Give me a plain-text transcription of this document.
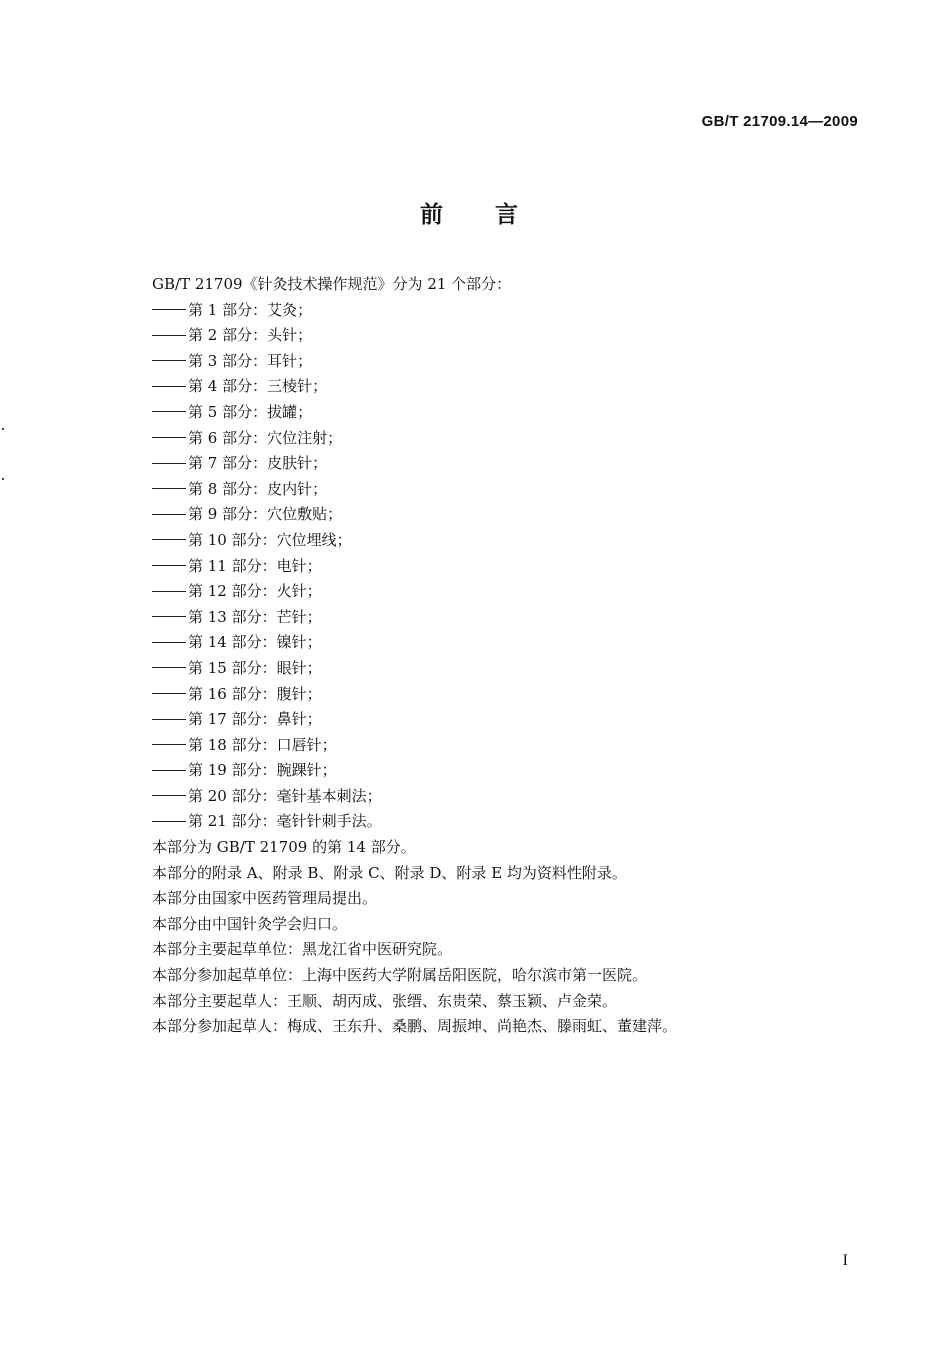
GB/T 21709.14—2009
前言
GB/T 21709《针灸技术操作规范》分为 21 个部分：
第 1 部分：艾灸；
第 2 部分：头针；
第 3 部分：耳针；
第 4 部分：三棱针；
第 5 部分：拔罐；
第 6 部分：穴位注射；
第 7 部分：皮肤针；
第 8 部分：皮内针；
第 9 部分：穴位敷贴；
第 10 部分：穴位埋线；
第 11 部分：电针；
第 12 部分：火针；
第 13 部分：芒针；
第 14 部分：镍针；
第 15 部分：眼针；
第 16 部分：腹针；
第 17 部分：鼻针；
第 18 部分：口唇针；
第 19 部分：腕踝针；
第 20 部分：毫针基本刺法；
第 21 部分：毫针针刺手法。
本部分为 GB/T 21709 的第 14 部分。
本部分的附录 A、附录 B、附录 C、附录 D、附录 E 均为资料性附录。
本部分由国家中医药管理局提出。
本部分由中国针灸学会归口。
本部分主要起草单位：黑龙江省中医研究院。
本部分参加起草单位：上海中医药大学附属岳阳医院，哈尔滨市第一医院。
本部分主要起草人：王顺、胡丙成、张缙、东贵荣、蔡玉颖、卢金荣。
本部分参加起草人：梅成、王东升、桑鹏、周振坤、尚艳杰、滕雨虹、董建萍。
I
